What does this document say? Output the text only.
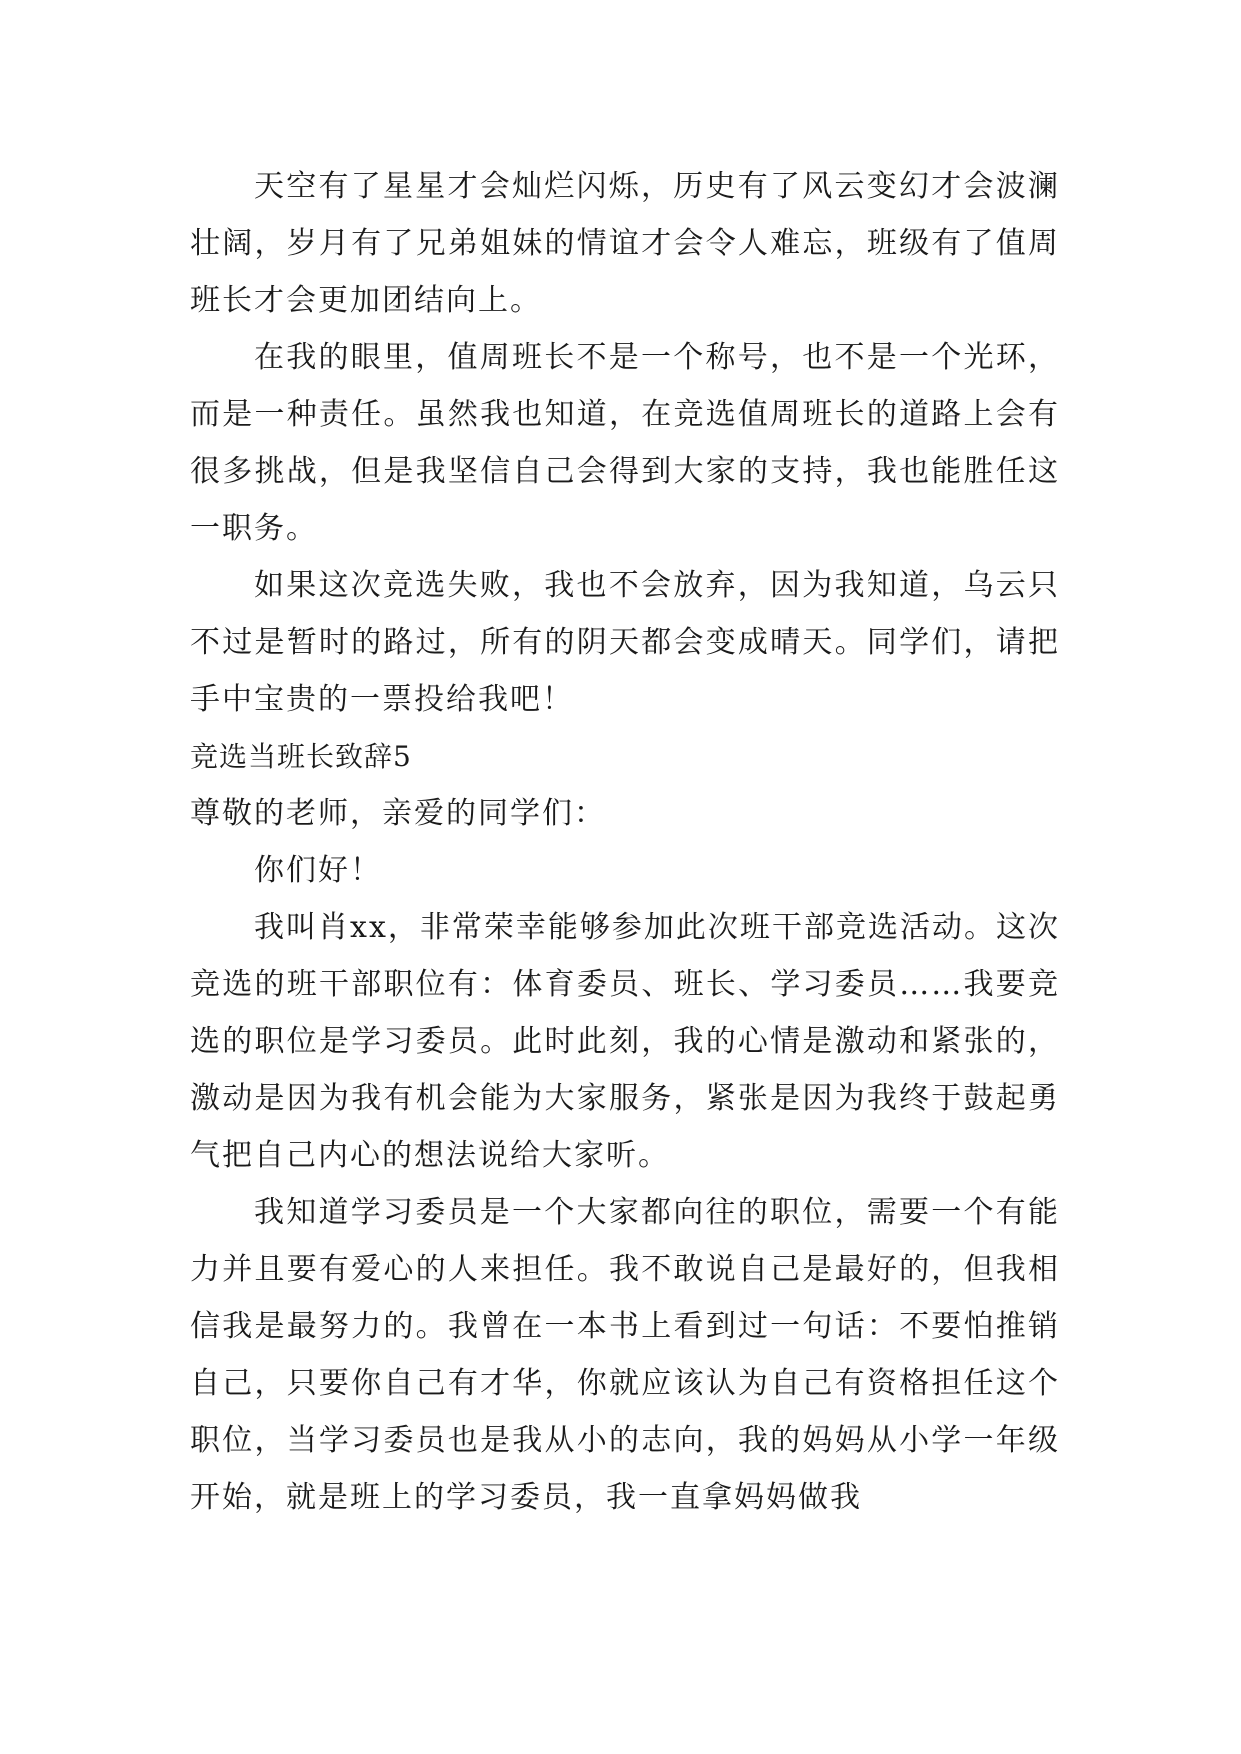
天空有了星星才会灿烂闪烁，历史有了风云变幻才会波澜壮阔，岁月有了兄弟姐妹的情谊才会令人难忘，班级有了值周班长才会更加团结向上。

在我的眼里，值周班长不是一个称号，也不是一个光环，而是一种责任。虽然我也知道，在竞选值周班长的道路上会有很多挑战，但是我坚信自己会得到大家的支持，我也能胜任这一职务。

如果这次竞选失败，我也不会放弃，因为我知道，乌云只不过是暂时的路过，所有的阴天都会变成晴天。同学们，请把手中宝贵的一票投给我吧！

竞选当班长致辞5

尊敬的老师，亲爱的同学们：

你们好！

我叫肖xx，非常荣幸能够参加此次班干部竞选活动。这次竞选的班干部职位有：体育委员、班长、学习委员……我要竞选的职位是学习委员。此时此刻，我的心情是激动和紧张的，激动是因为我有机会能为大家服务，紧张是因为我终于鼓起勇气把自己内心的想法说给大家听。

我知道学习委员是一个大家都向往的职位，需要一个有能力并且要有爱心的人来担任。我不敢说自己是最好的，但我相信我是最努力的。我曾在一本书上看到过一句话：不要怕推销自己，只要你自己有才华，你就应该认为自己有资格担任这个职位，当学习委员也是我从小的志向，我的妈妈从小学一年级开始，就是班上的学习委员，我一直拿妈妈做我
